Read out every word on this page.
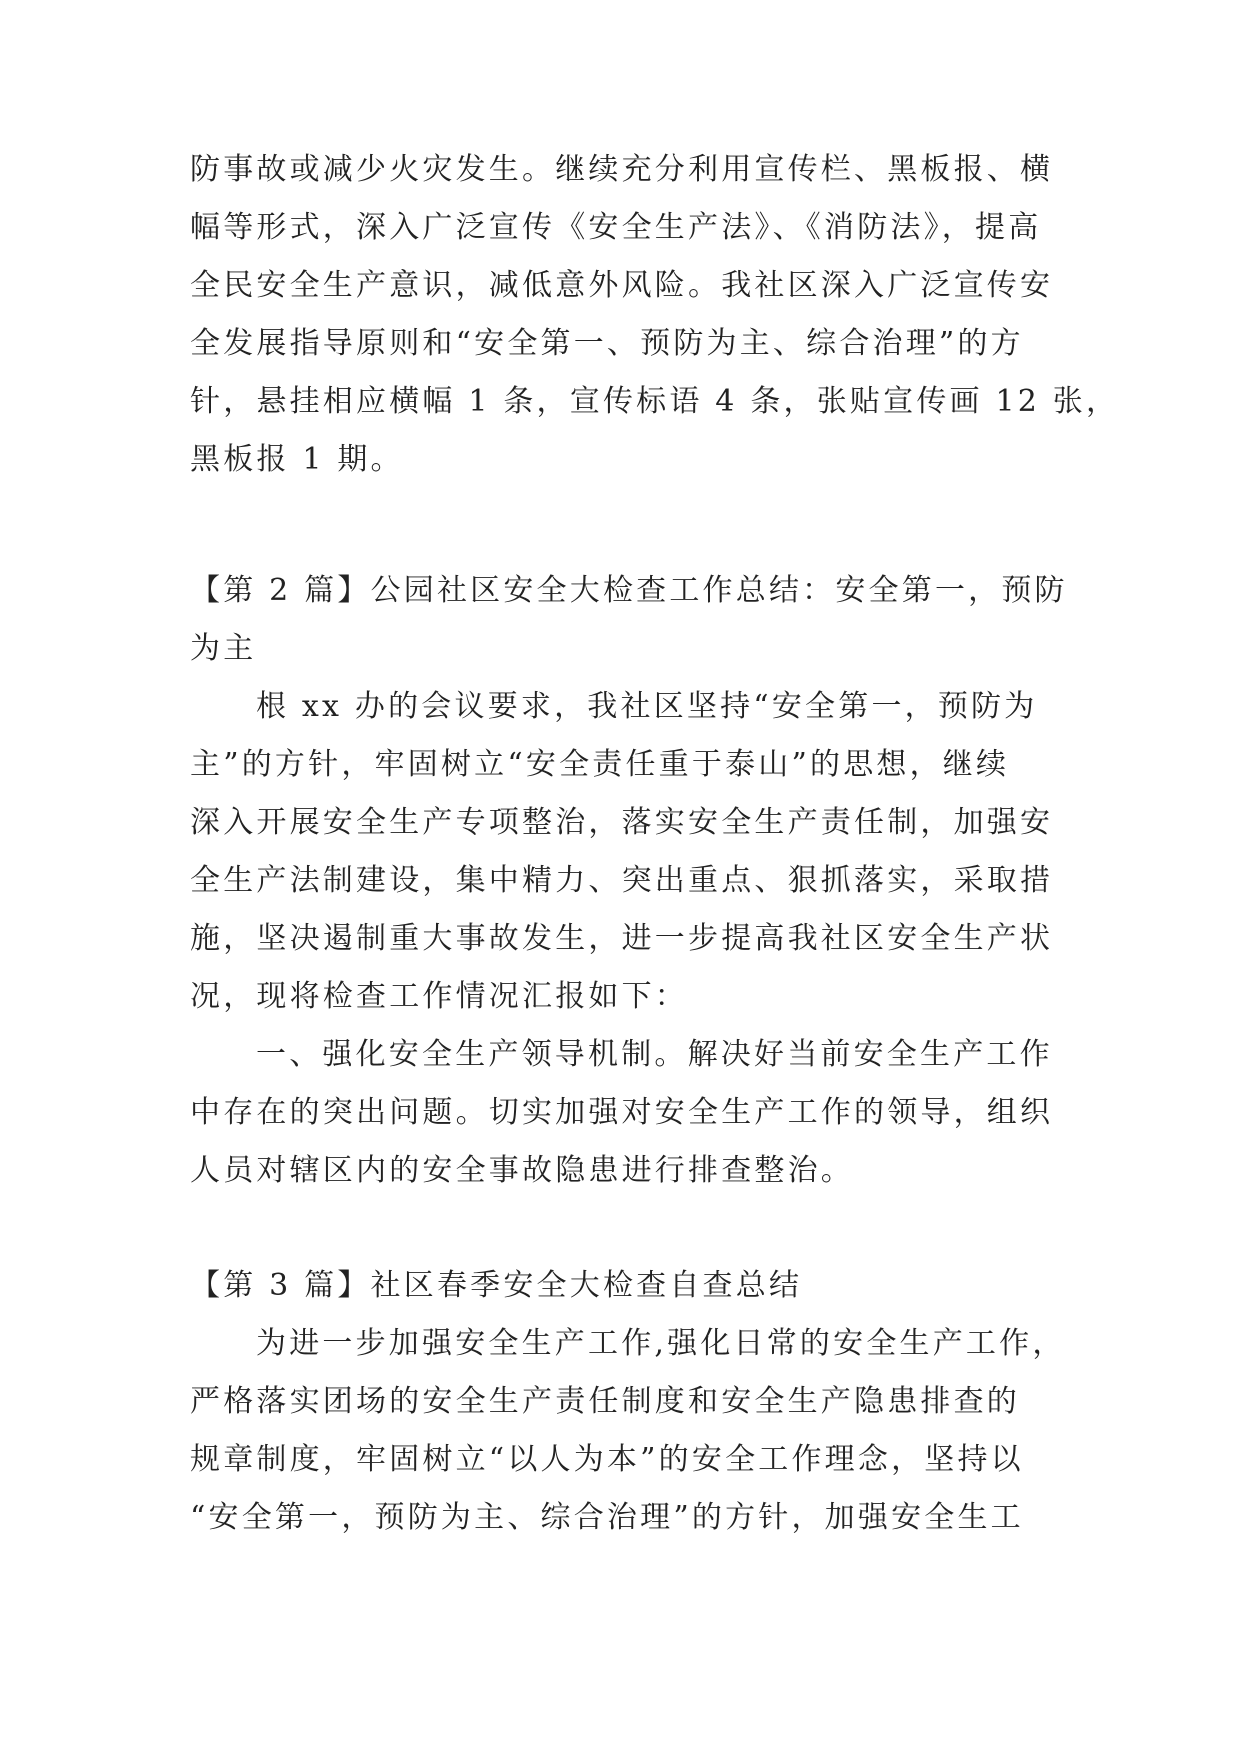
防事故或减少火灾发生。继续充分利用宣传栏、黑板报、横
幅等形式，深入广泛宣传《安全生产法》、《消防法》，提高
全民安全生产意识，减低意外风险。我社区深入广泛宣传安
全发展指导原则和“安全第一、预防为主、综合治理”的方
针，悬挂相应横幅 1 条，宣传标语 4 条，张贴宣传画 12 张，
黑板报 1 期。
【第 2 篇】公园社区安全大检查工作总结：安全第一，预防
为主
根 xx 办的会议要求，我社区坚持“安全第一，预防为
主”的方针，牢固树立“安全责任重于泰山”的思想，继续
深入开展安全生产专项整治，落实安全生产责任制，加强安
全生产法制建设，集中精力、突出重点、狠抓落实，采取措
施，坚决遏制重大事故发生，进一步提高我社区安全生产状
况，现将检查工作情况汇报如下：
一、强化安全生产领导机制。解决好当前安全生产工作
中存在的突出问题。切实加强对安全生产工作的领导，组织
人员对辖区内的安全事故隐患进行排查整治。
【第 3 篇】社区春季安全大检查自查总结
为进一步加强安全生产工作,强化日常的安全生产工作，
严格落实团场的安全生产责任制度和安全生产隐患排查的
规章制度，牢固树立“以人为本”的安全工作理念，坚持以
“安全第一，预防为主、综合治理”的方针，加强安全生工
